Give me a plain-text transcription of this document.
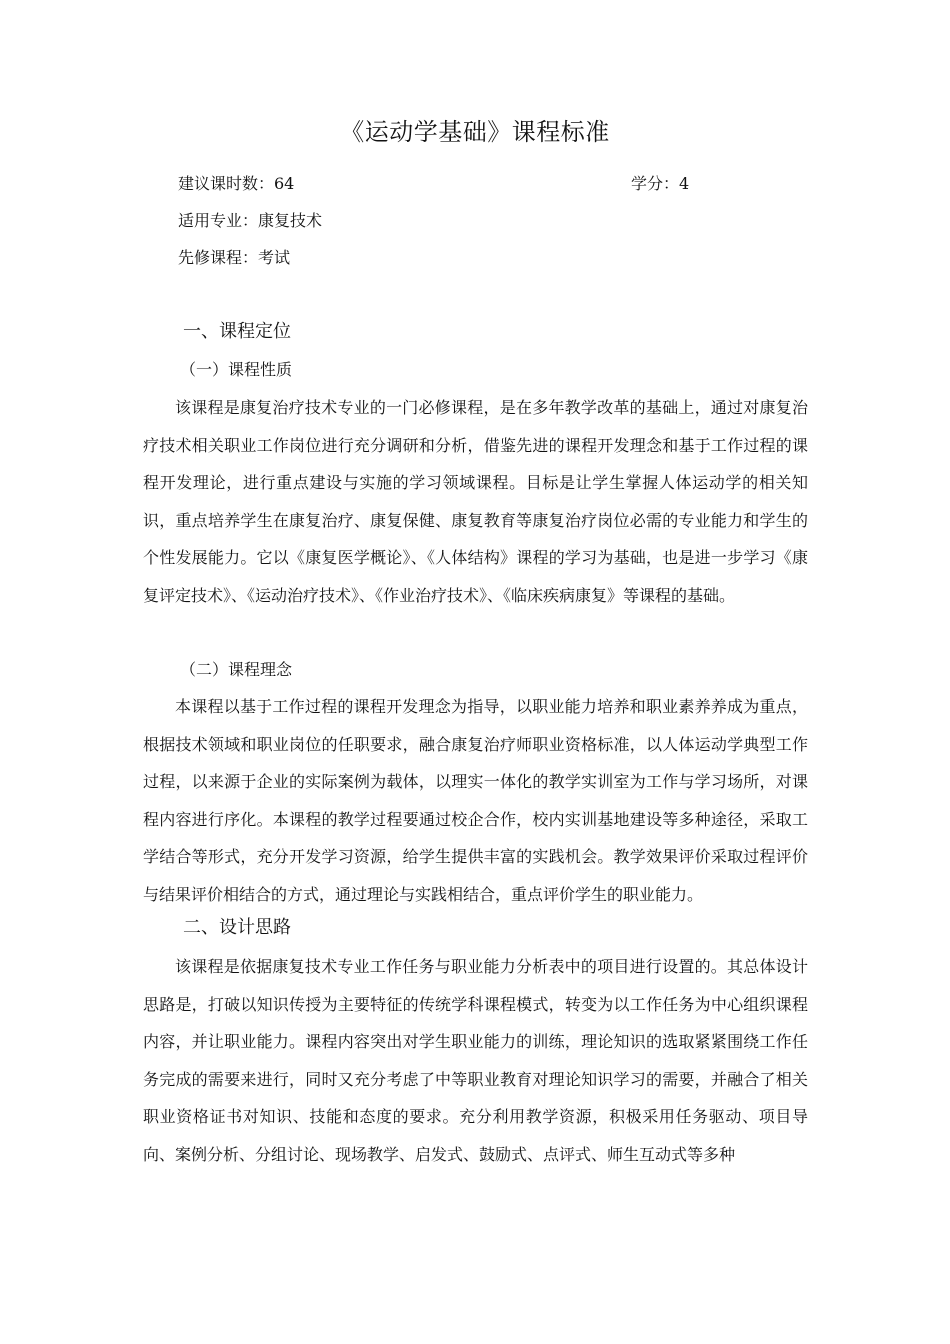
《运动学基础》课程标准
建议课时数：64	学分：4
适用专业：康复技术
先修课程：考试
一、课程定位
（一）课程性质

该课程是康复治疗技术专业的一门必修课程，是在多年教学改革的基础上，通过对康复治疗技术相关职业工作岗位进行充分调研和分析，借鉴先进的课程开发理念和基于工作过程的课程开发理论，进行重点建设与实施的学习领域课程。目标是让学生掌握人体运动学的相关知识，重点培养学生在康复治疗、康复保健、康复教育等康复治疗岗位必需的专业能力和学生的个性发展能力。它以《康复医学概论》、《人体结构》课程的学习为基础，也是进一步学习《康复评定技术》、《运动治疗技术》、《作业治疗技术》、《临床疾病康复》等课程的基础。

（二）课程理念

本课程以基于工作过程的课程开发理念为指导，以职业能力培养和职业素养养成为重点，根据技术领域和职业岗位的任职要求，融合康复治疗师职业资格标准，以人体运动学典型工作过程，以来源于企业的实际案例为载体，以理实一体化的教学实训室为工作与学习场所，对课程内容进行序化。本课程的教学过程要通过校企合作，校内实训基地建设等多种途径，采取工学结合等形式，充分开发学习资源，给学生提供丰富的实践机会。教学效果评价采取过程评价与结果评价相结合的方式，通过理论与实践相结合，重点评价学生的职业能力。

二、设计思路

该课程是依据康复技术专业工作任务与职业能力分析表中的项目进行设置的。其总体设计思路是，打破以知识传授为主要特征的传统学科课程模式，转变为以工作任务为中心组织课程内容，并让职业能力。课程内容突出对学生职业能力的训练，理论知识的选取紧紧围绕工作任务完成的需要来进行，同时又充分考虑了中等职业教育对理论知识学习的需要，并融合了相关职业资格证书对知识、技能和态度的要求。充分利用教学资源，积极采用任务驱动、项目导向、案例分析、分组讨论、现场教学、启发式、鼓励式、点评式、师生互动式等多种
